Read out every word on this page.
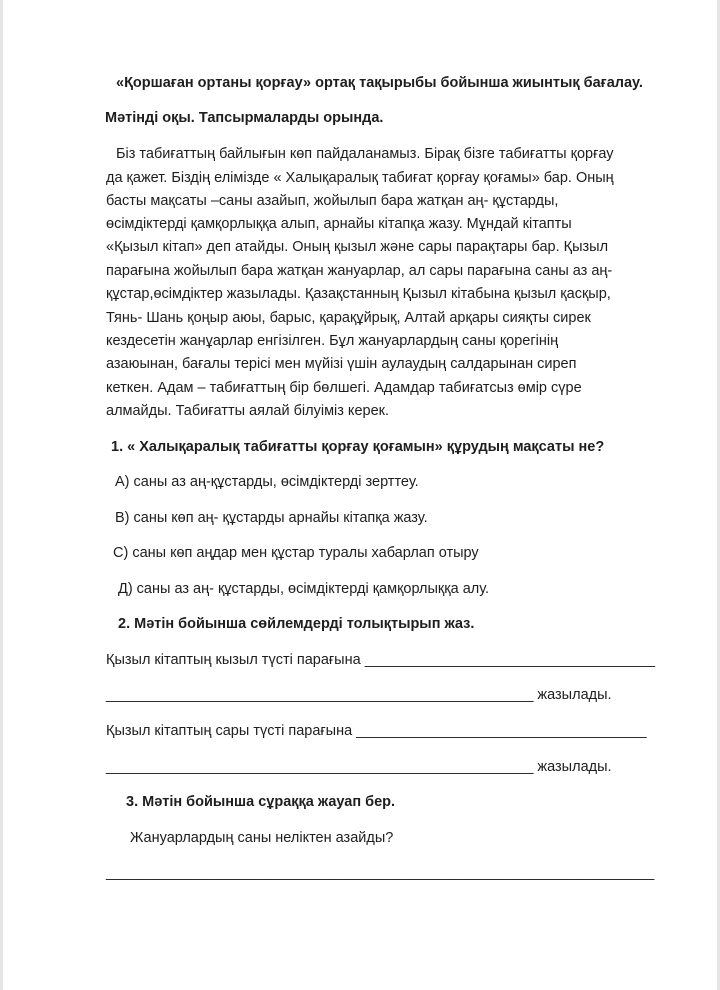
«Қоршаған ортаны қорғау» ортақ тақырыбы бойынша жиынтық бағалау.
Мәтінді оқы. Тапсырмаларды орында.
Біз табиғаттың байлығын көп пайдаланамыз. Бірақ бізге табиғатты қорғау
да қажет. Біздің елімізде « Халықаралық табиғат қорғау қоғамы» бар. Оның
басты мақсаты –саны азайып, жойылып бара жатқан аң- құстарды,
өсімдіктерді қамқорлыққа алып, арнайы кітапқа жазу. Мұндай кітапты
«Қызыл кітап» деп атайды. Оның қызыл және сары парақтары бар. Қызыл
парағына жойылып бара жатқан жануарлар, ал сары парағына саны аз аң-
құстар,өсімдіктер жазылады. Қазақстанның Қызыл кітабына қызыл қасқыр,
Тянь- Шань қоңыр аюы, барыс, қарақұйрық, Алтай арқары сияқты сирек
кездесетін жанұарлар енгізілген. Бұл жануарлардың саны қорегінің
азаюынан, бағалы терісі мен мүйізі үшін аулаудың салдарынан сиреп
кеткен. Адам – табиғаттың бір бөлшегі. Адамдар табиғатсыз өмір сүре
алмайды. Табиғатты аялай білуіміз керек.
1. « Халықаралық табиғатты қорғау қоғамын» құрудың мақсаты не?
А) саны аз аң-құстарды, өсімдіктерді зерттеу.
В) саны көп аң- құстарды арнайы кітапқа жазу.
С) саны көп аңдар мен құстар туралы хабарлап отыру
Д) саны аз аң- құстарды, өсімдіктерді қамқорлыққа алу.
2. Мәтін бойынша сөйлемдерді толықтырып жаз.
Қызыл кітаптың кызыл түсті парағына ____________________________________
_____________________________________________________ жазылады.
Қызыл кітаптың сары түсті парағына ____________________________________
_____________________________________________________ жазылады.
3. Мәтін бойынша сұраққа жауап бер.
Жануарлардың саны неліктен азайды?
____________________________________________________________________
